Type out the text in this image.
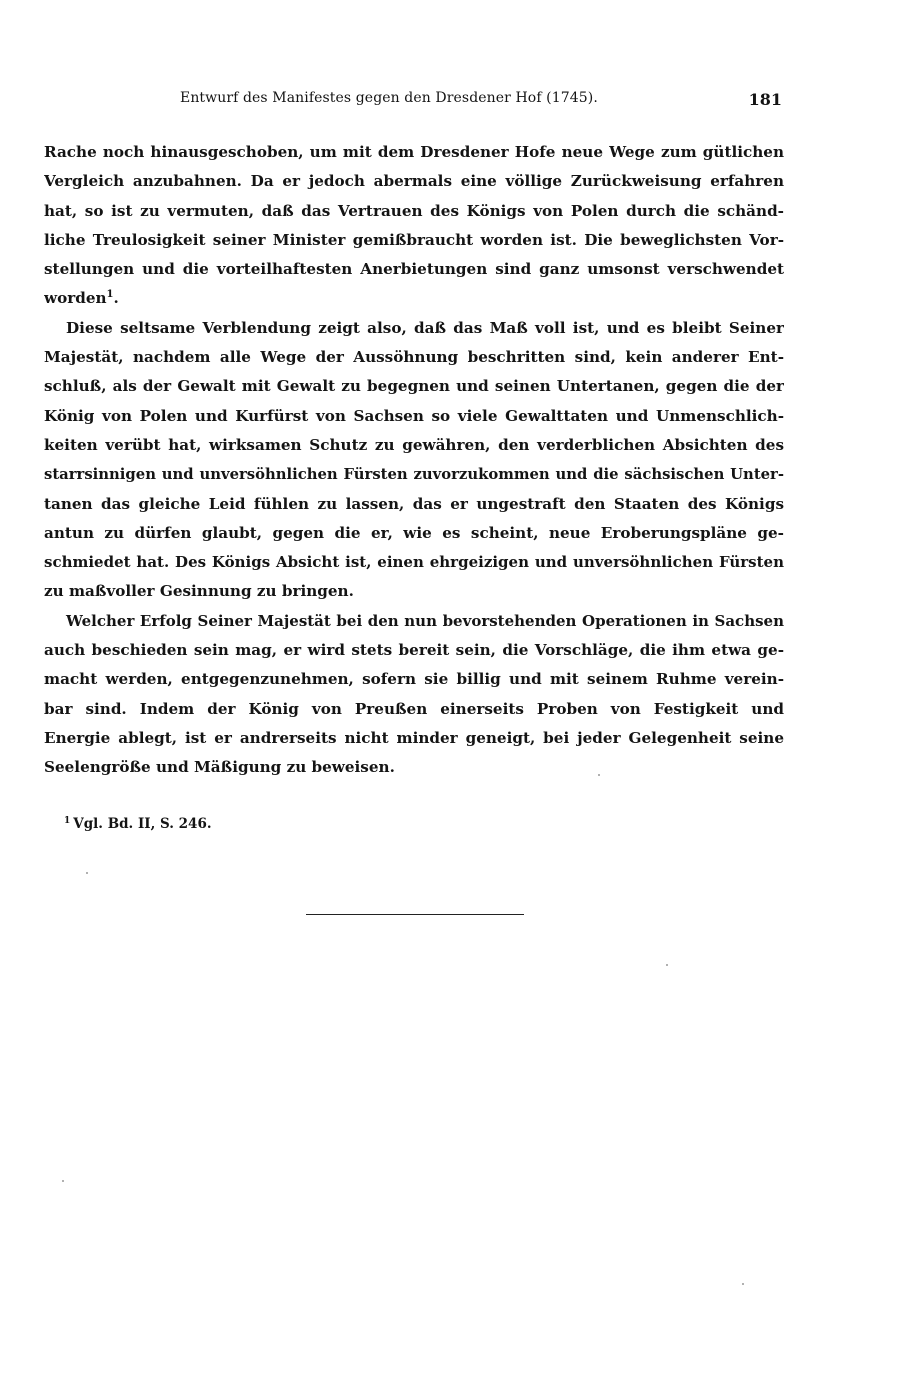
Entwurf des Manifestes gegen den Dresdener Hof (1745).	181
Rache noch hinausgeschoben, um mit dem Dresdener Hofe neue Wege zum gütlichen
Vergleich anzubahnen. Da er jedoch abermals eine völlige Zurückweisung erfahren
hat, so ist zu vermuten, daß das Vertrauen des Königs von Polen durch die schänd-
liche Treulosigkeit seiner Minister gemißbraucht worden ist. Die beweglichsten Vor-
stellungen und die vorteilhaftesten Anerbietungen sind ganz umsonst verschwendet
worden$^1$.
Diese seltsame Verblendung zeigt also, daß das Maß voll ist, und es bleibt Seiner
Majestät, nachdem alle Wege der Aussöhnung beschritten sind, kein anderer Ent-
schluß, als der Gewalt mit Gewalt zu begegnen und seinen Untertanen, gegen die der
König von Polen und Kurfürst von Sachsen so viele Gewalttaten und Unmenschlich-
keiten verübt hat, wirksamen Schutz zu gewähren, den verderblichen Absichten des
starrsinnigen und unversöhnlichen Fürsten zuvorzukommen und die sächsischen Unter-
tanen das gleiche Leid fühlen zu lassen, das er ungestraft den Staaten des Königs
antun zu dürfen glaubt, gegen die er, wie es scheint, neue Eroberungspläne ge-
schmiedet hat. Des Königs Absicht ist, einen ehrgeizigen und unversöhnlichen Fürsten
zu maßvoller Gesinnung zu bringen.
Welcher Erfolg Seiner Majestät bei den nun bevorstehenden Operationen in Sachsen
auch beschieden sein mag, er wird stets bereit sein, die Vorschläge, die ihm etwa ge-
macht werden, entgegenzunehmen, sofern sie billig und mit seinem Ruhme verein-
bar sind. Indem der König von Preußen einerseits Proben von Festigkeit und
Energie ablegt, ist er andrerseits nicht minder geneigt, bei jeder Gelegenheit seine
Seelengröße und Mäßigung zu beweisen.
$^1$ Vgl. Bd. II, S. 246.
